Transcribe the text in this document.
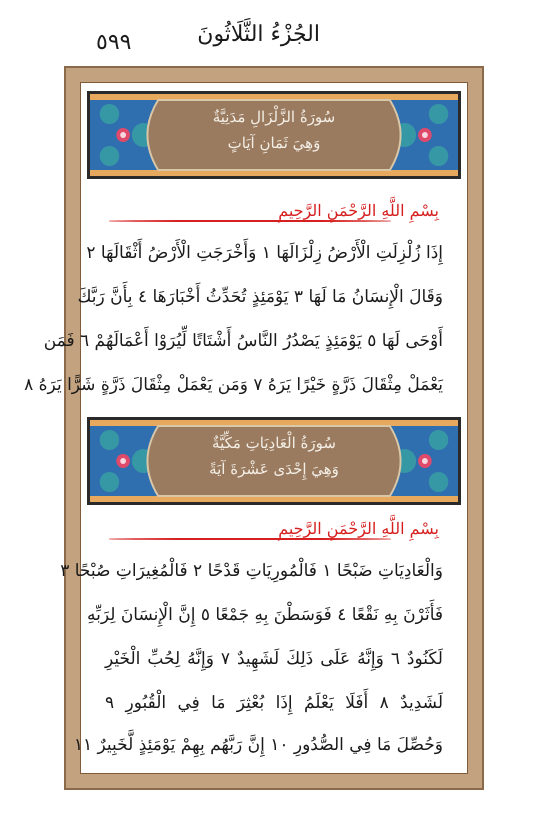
٥٩٩	الجُزْءُ الثَّلَاثُونَ
سُورَةُ الزَّلْزَالِ مَدَنِيَّةٌ
وَهِيَ ثَمَانِ آيَاتٍ
بِسْمِ اللَّهِ الرَّحْمَنِ الرَّحِيمِ
إِذَا زُلْزِلَتِ الْأَرْضُ زِلْزَالَهَا ١ وَأَخْرَجَتِ الْأَرْضُ أَثْقَالَهَا ٢
وَقَالَ الْإِنسَانُ مَا لَهَا ٣ يَوْمَئِذٍ تُحَدِّثُ أَخْبَارَهَا ٤ بِأَنَّ رَبَّكَ
أَوْحَى لَهَا ٥ يَوْمَئِذٍ يَصْدُرُ النَّاسُ أَشْتَاتًا لِّيُرَوْا أَعْمَالَهُمْ ٦ فَمَن
يَعْمَلْ مِثْقَالَ ذَرَّةٍ خَيْرًا يَرَهُ ٧ وَمَن يَعْمَلْ مِثْقَالَ ذَرَّةٍ شَرًّا يَرَهُ ٨
سُورَةُ الْعَادِيَاتِ مَكِّيَّةٌ
وَهِيَ إِحْدَى عَشْرَةَ آيَةً
بِسْمِ اللَّهِ الرَّحْمَنِ الرَّحِيمِ
وَالْعَادِيَاتِ ضَبْحًا ١ فَالْمُورِيَاتِ قَدْحًا ٢ فَالْمُغِيرَاتِ صُبْحًا ٣
فَأَثَرْنَ بِهِ نَقْعًا ٤ فَوَسَطْنَ بِهِ جَمْعًا ٥ إِنَّ الْإِنسَانَ لِرَبِّهِ
لَكَنُودٌ ٦ وَإِنَّهُ عَلَى ذَلِكَ لَشَهِيدٌ ٧ وَإِنَّهُ لِحُبِّ الْخَيْرِ
لَشَدِيدٌ ٨ أَفَلَا يَعْلَمُ إِذَا بُعْثِرَ مَا فِي الْقُبُورِ ٩
وَحُصِّلَ مَا فِي الصُّدُورِ ١٠ إِنَّ رَبَّهُم بِهِمْ يَوْمَئِذٍ لَّخَبِيرٌ ١١
